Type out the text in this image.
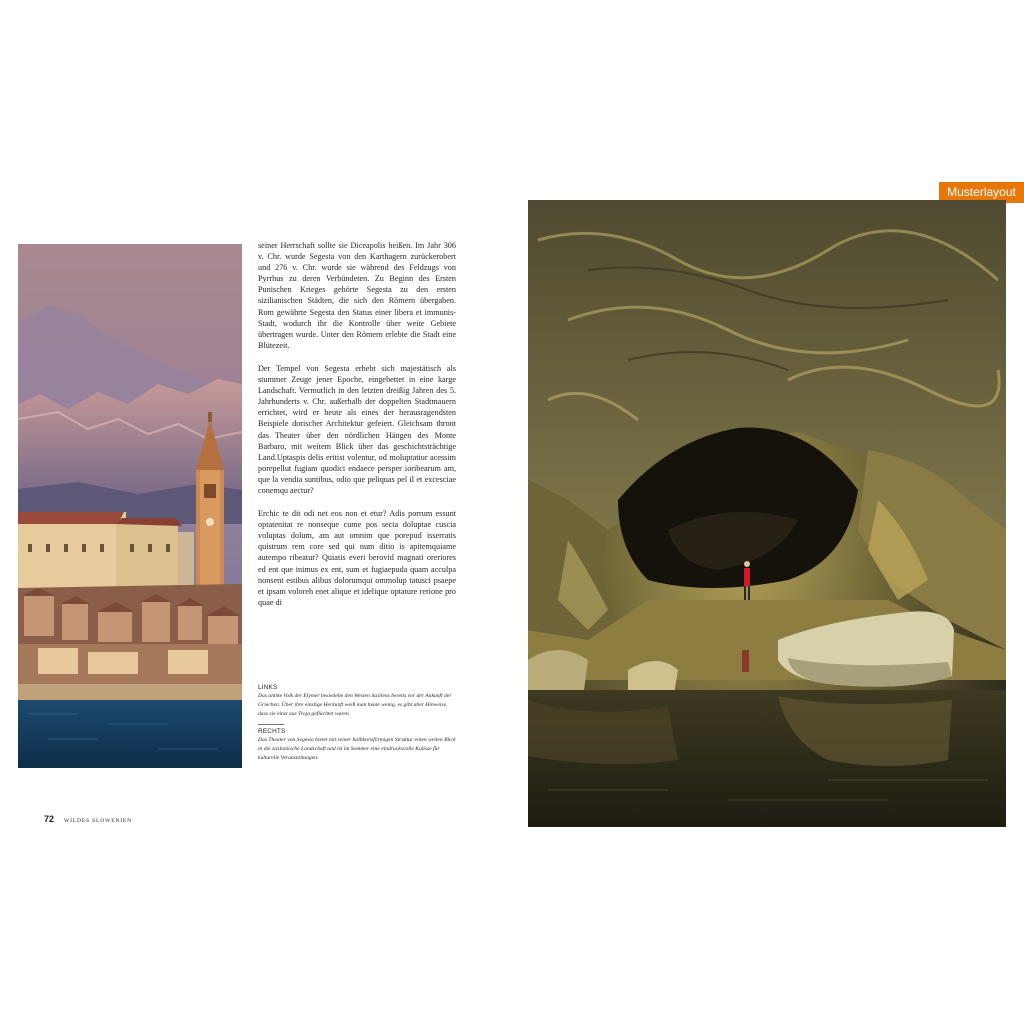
seiner Herrschaft sollte sie Diceapolis heißen. Im Jahr 306 v. Chr. wurde Segesta von den Karthagern zurückerobert und 276 v. Chr. wurde sie während des Feldzugs von Pyrrhus zu deren Verbündeten. Zu Beginn des Ersten Punischen Krieges gehörte Segesta zu den ersten sizilianischen Städten, die sich den Römern übergaben. Rom gewährte Segesta den Status einer libera et immunis-Stadt, wodurch ihr die Kontrolle über weite Gebiete übertragen wurde. Unter den Römern erlebte die Stadt eine Blütezeit.

Der Tempel von Segesta erhebt sich majestätisch als stummer Zeuge jener Epoche, eingebettet in eine karge Landschaft. Vermutlich in den letzten dreißig Jahren des 5. Jahrhunderts v. Chr. außerhalb der doppelten Stadtmauern errichtet, wird er heute als eines der herausragendsten Beispiele dorischer Architektur gefeiert. Gleichsam thront das Theater über den nördlichen Hängen des Monte Barbaro, mit weitem Blick über das geschichtsträchtige Land.Uptaspis delis eritist volentur, od moluptatiur acessim porepellut fugiam quodici endaece persper ioribearum am, que la vendia suntibus, odio que peliquas pel il et excesciae conemqu aectur?

Erchic te dit odi net eos non et etur? Adis porrum essunt optatenitat re nonseque cume pos secta doluptae cuscia voluptas dolum, am aut omnim que porepud isserratis quistrum rem core sed qui num ditio is apitemquiame autempo ribeatur? Quiatis everi berovid magnati oreriores ed ent que inimus ex ent, sum et fugiaepuda quam acculpa nonsent estibus alibus dolorumqui ommolup tatusci psaepe et ipsam voloreh enet alique et idelique optature rerione pro quae di

LINKS

Das antike Volk der Elymer besiedelte den Westen Siziliens bereits vor der Ankunft der Griechen. Über ihre einstige Herkunft weiß man heute wenig, es gibt aber Hinweise, dass sie einst aus Troja geflüchtet waren.

RECHTS

Das Theater von Segesta bietet mit seiner halbkreisförmigen Struktur einen weiten Blick in die sizilianische Landschaft und ist im Sommer eine eindrucksvolle Kulisse für kulturelle Veranstaltungen.

72 WILDES SLOWENIEN
Musterlayout
